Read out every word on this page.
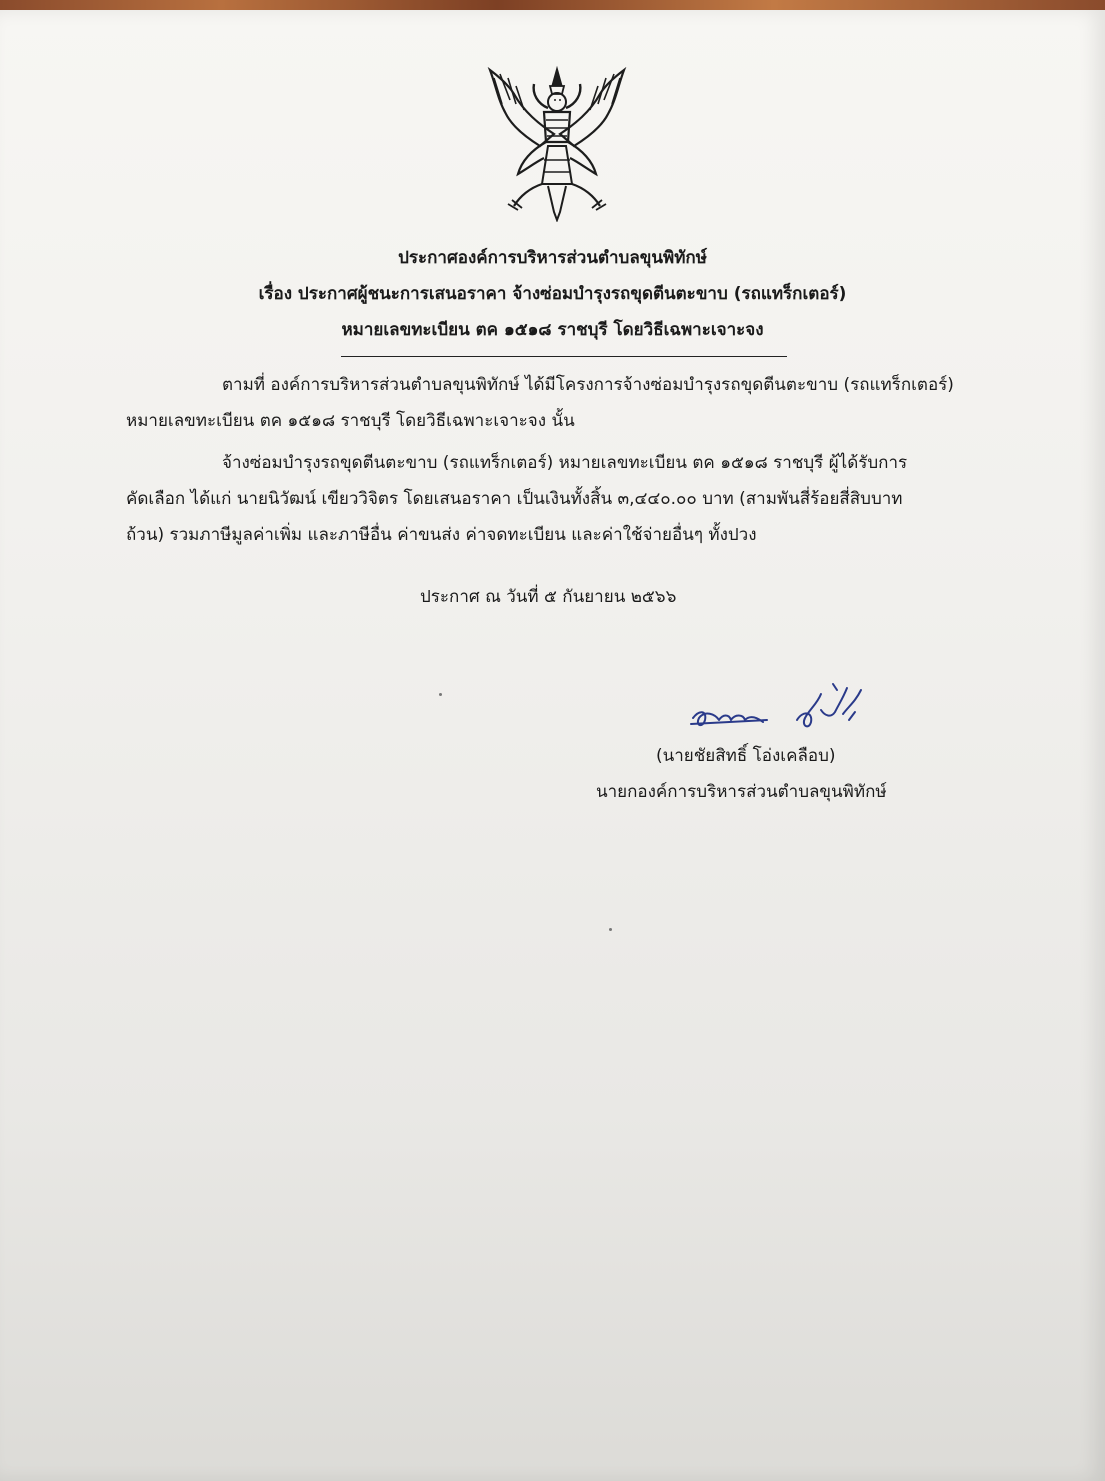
ประกาศองค์การบริหารส่วนตำบลขุนพิทักษ์
เรื่อง ประกาศผู้ชนะการเสนอราคา จ้างซ่อมบำรุงรถขุดตีนตะขาบ (รถแทร็กเตอร์)
หมายเลขทะเบียน ตค ๑๕๑๘ ราชบุรี โดยวิธีเฉพาะเจาะจง
ตามที่ องค์การบริหารส่วนตำบลขุนพิทักษ์ ได้มีโครงการจ้างซ่อมบำรุงรถขุดตีนตะขาบ (รถแทร็กเตอร์)
หมายเลขทะเบียน ตค ๑๕๑๘ ราชบุรี โดยวิธีเฉพาะเจาะจง นั้น
จ้างซ่อมบำรุงรถขุดตีนตะขาบ (รถแทร็กเตอร์) หมายเลขทะเบียน ตค ๑๕๑๘ ราชบุรี ผู้ได้รับการ
คัดเลือก ได้แก่ นายนิวัฒน์ เขียววิจิตร โดยเสนอราคา เป็นเงินทั้งสิ้น ๓,๔๔๐.๐๐ บาท (สามพันสี่ร้อยสี่สิบบาท
ถ้วน) รวมภาษีมูลค่าเพิ่ม และภาษีอื่น ค่าขนส่ง ค่าจดทะเบียน และค่าใช้จ่ายอื่นๆ ทั้งปวง
ประกาศ ณ วันที่ ๕ กันยายน ๒๕๖๖
(นายชัยสิทธิ์ โอ่งเคลือบ)
นายกองค์การบริหารส่วนตำบลขุนพิทักษ์
